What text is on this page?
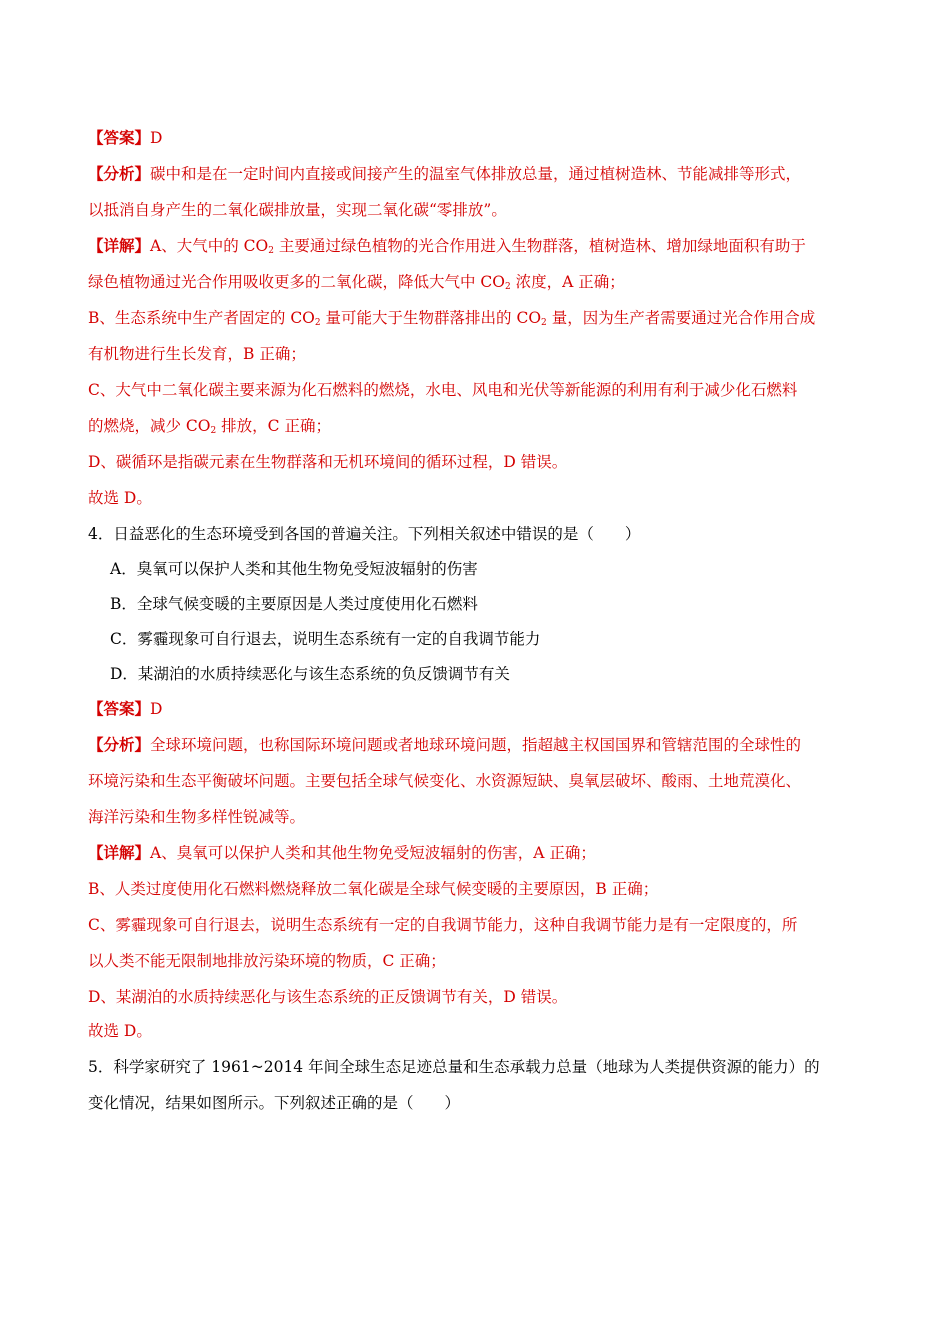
【答案】D
【分析】碳中和是在一定时间内直接或间接产生的温室气体排放总量，通过植树造林、节能减排等形式，
以抵消自身产生的二氧化碳排放量，实现二氧化碳“零排放”。
【详解】A、大气中的 $CO_2$ 主要通过绿色植物的光合作用进入生物群落，植树造林、增加绿地面积有助于
绿色植物通过光合作用吸收更多的二氧化碳，降低大气中 $CO_2$ 浓度，A 正确；
B、生态系统中生产者固定的 $CO_2$ 量可能大于生物群落排出的 $CO_2$ 量，因为生产者需要通过光合作用合成
有机物进行生长发育，B 正确；
C、大气中二氧化碳主要来源为化石燃料的燃烧，水电、风电和光伏等新能源的利用有利于减少化石燃料
的燃烧，减少 $CO_2$ 排放，C 正确；
D、碳循环是指碳元素在生物群落和无机环境间的循环过程，D 错误。
故选 D。
4．日益恶化的生态环境受到各国的普遍关注。下列相关叙述中错误的是（　　）
A．臭氧可以保护人类和其他生物免受短波辐射的伤害
B．全球气候变暖的主要原因是人类过度使用化石燃料
C．雾霾现象可自行退去，说明生态系统有一定的自我调节能力
D．某湖泊的水质持续恶化与该生态系统的负反馈调节有关
【答案】D
【分析】全球环境问题，也称国际环境问题或者地球环境问题，指超越主权国国界和管辖范围的全球性的
环境污染和生态平衡破坏问题。主要包括全球气候变化、水资源短缺、臭氧层破坏、酸雨、土地荒漠化、
海洋污染和生物多样性锐减等。
【详解】A、臭氧可以保护人类和其他生物免受短波辐射的伤害，A 正确；
B、人类过度使用化石燃料燃烧释放二氧化碳是全球气候变暖的主要原因，B 正确；
C、雾霾现象可自行退去，说明生态系统有一定的自我调节能力，这种自我调节能力是有一定限度的，所
以人类不能无限制地排放污染环境的物质，C 正确；
D、某湖泊的水质持续恶化与该生态系统的正反馈调节有关，D 错误。
故选 D。
5．科学家研究了 1961~2014 年间全球生态足迹总量和生态承载力总量（地球为人类提供资源的能力）的
变化情况，结果如图所示。下列叙述正确的是（　　）
